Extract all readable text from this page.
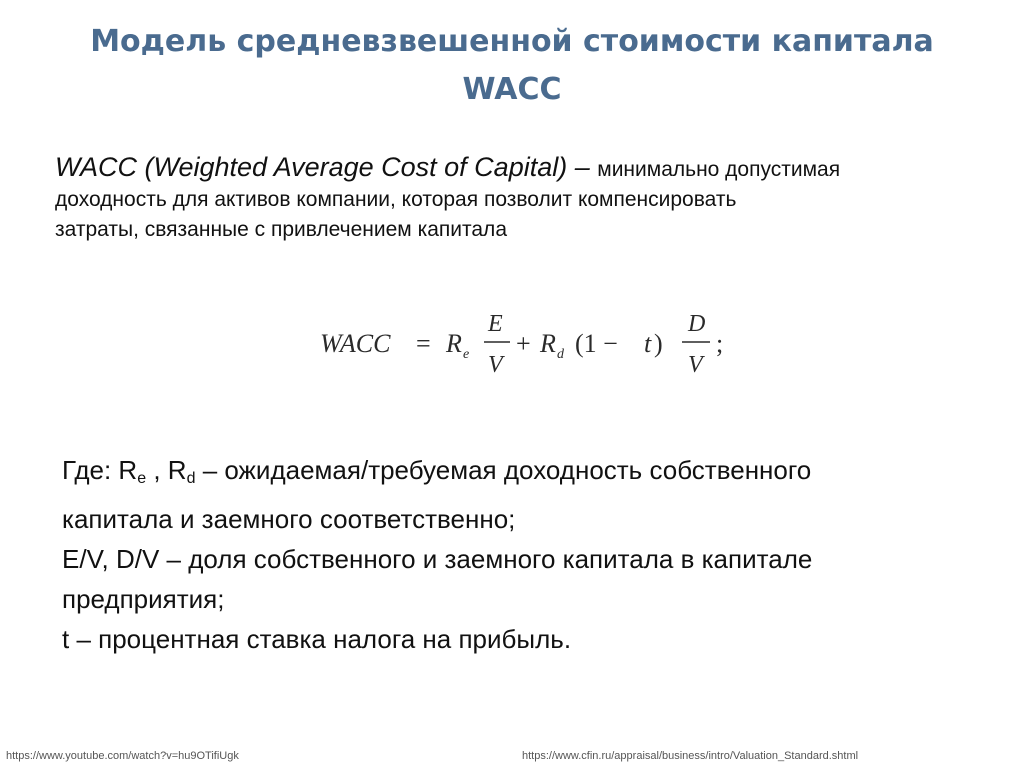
Модель средневзвешенной стоимости капитала
WACC
WACC (Weighted Average Cost of Capital) – минимально допустимая
доходность для активов компании, которая позволит компенсировать
затраты, связанные с привлечением капитала
WACC = R e
E
V
+ R d (1 − t )
D
V
;
Где: $R_e$ , $R_d$ – ожидаемая/требуемая доходность собственного
капитала и заемного соответственно;
E/V, D/V – доля собственного и заемного капитала в капитале
предприятия;
t – процентная ставка налога на прибыль.
https://www.youtube.com/watch?v=hu9OTifiUgk	https://www.cfin.ru/appraisal/business/intro/Valuation_Standard.shtml
